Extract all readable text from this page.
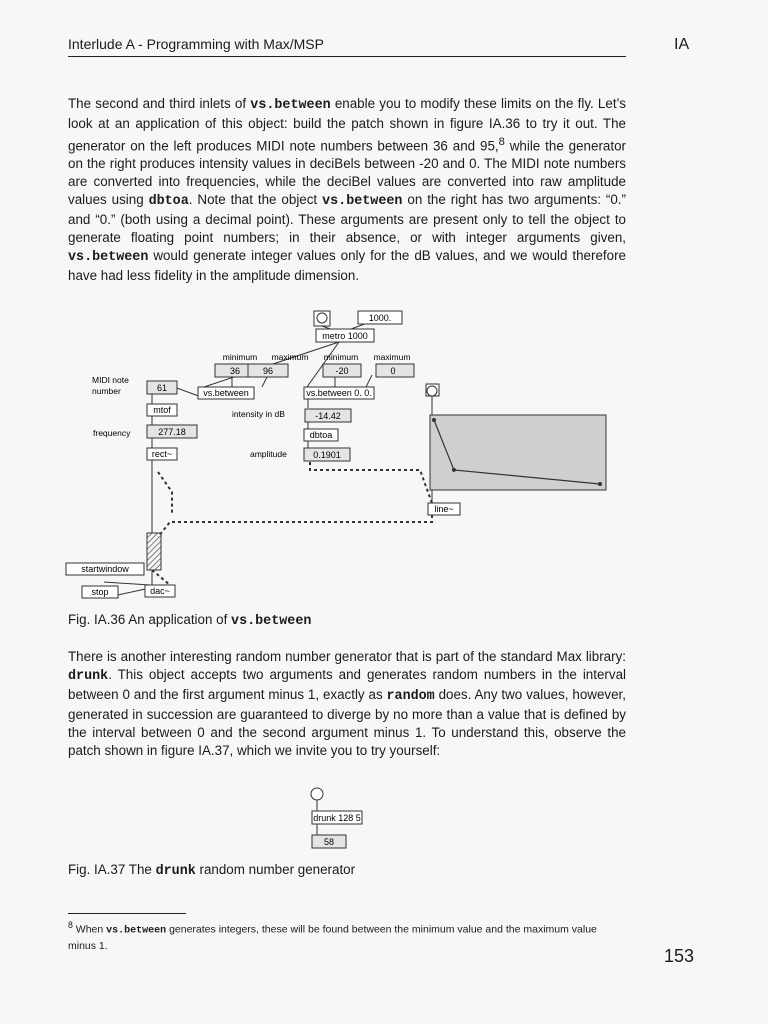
Interlude A - Programming with Max/MSP	IA

The second and third inlets of vs.between enable you to modify these limits on the fly. Let’s look at an application of this object: build the patch shown in figure IA.36 to try it out. The generator on the left produces MIDI note numbers between 36 and 95,$^8$ while the generator on the right produces intensity values in deciBels between -20 and 0. The MIDI note numbers are converted into frequencies, while the deciBel values are converted into raw amplitude values using dbtoa. Note that the object vs.between on the right has two arguments: “0.” and “0.” (both using a decimal point). These arguments are present only to tell the object to generate floating point numbers; in their absence, or with integer arguments given, vs.between would generate integer values only for the dB values, and we would therefore have had less fidelity in the amplitude dimension.

1000.
metro 1000
minimum maximum minimum maximum
36	96	-20	0
vs.between	vs.between 0. 0.
MIDI note
number	61
mtof	intensity in dB	-14.42
frequency	277.18	dbtoa
rect~	amplitude	0.1901
line~
startwindow
stop	dac~
Fig. IA.36 An application of vs.between

There is another interesting random number generator that is part of the standard Max library: drunk. This object accepts two arguments and generates random numbers in the interval between 0 and the first argument minus 1, exactly as random does. Any two values, however, generated in succession are guaranteed to diverge by no more than a value that is defined by the interval between 0 and the second argument minus 1. To understand this, observe the patch shown in figure IA.37, which we invite you to try yourself:

drunk 128 5
58
Fig. IA.37 The drunk random number generator
$^8$ When vs.between generates integers, these will be found between the minimum value and the maximum value minus 1.
153
